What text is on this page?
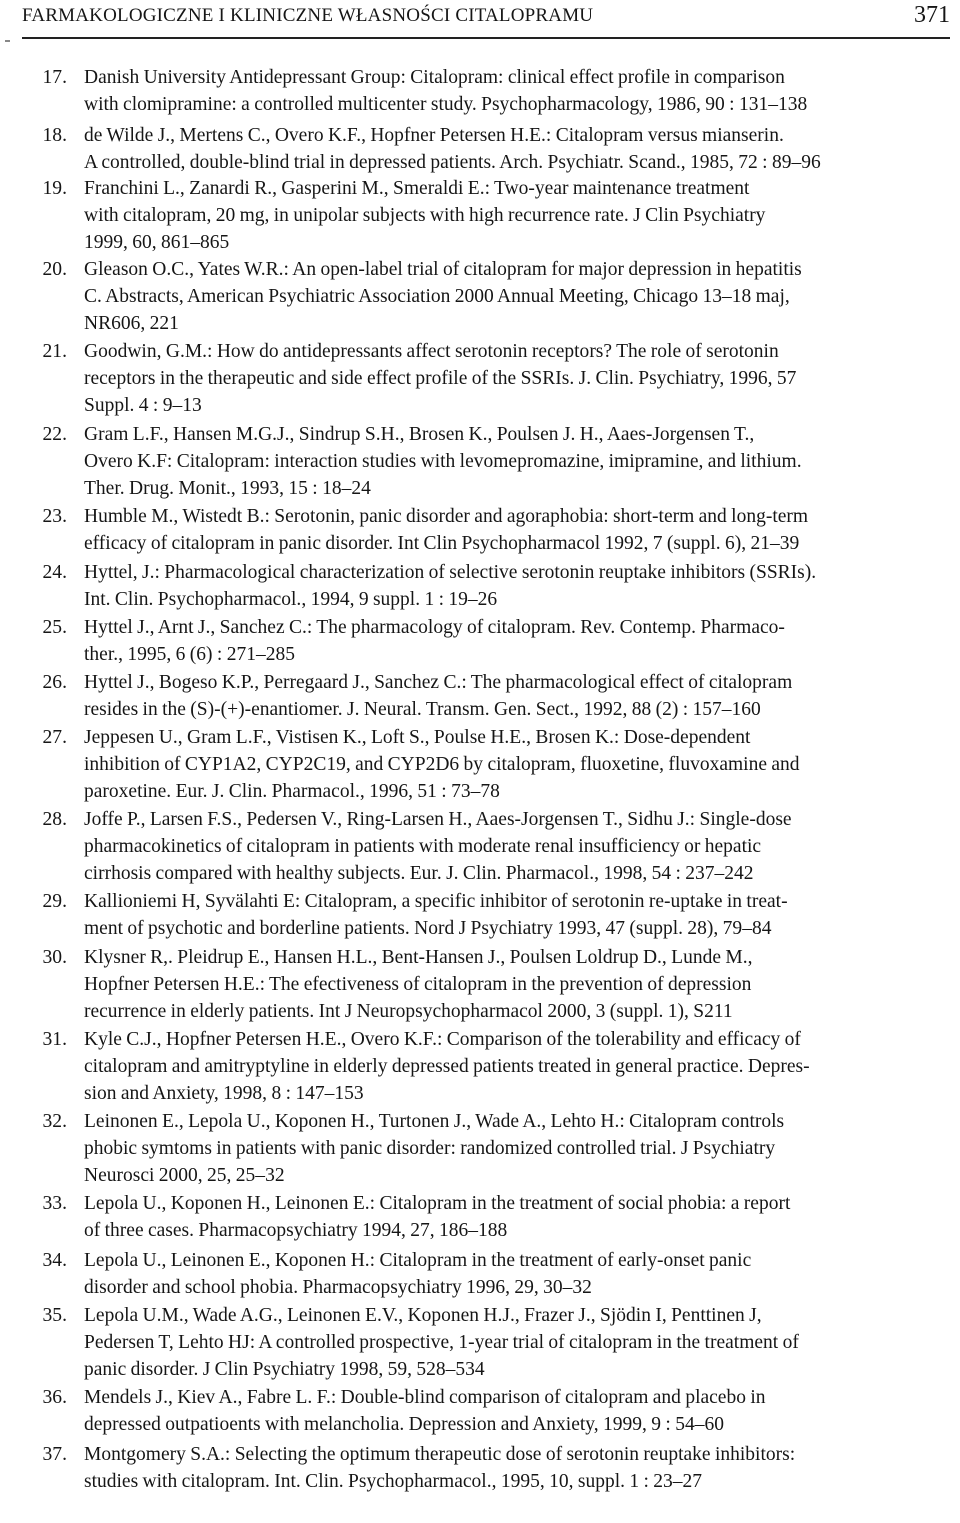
FARMAKOLOGICZNE I KLINICZNE WŁASNOŚCI CITALOPRAMU	371
17. Danish University Antidepressant Group: Citalopram: clinical effect profile in comparison
with clomipramine: a controlled multicenter study. Psychopharmacology, 1986, 90 : 131–138
18. de Wilde J., Mertens C., Overo K.F., Hopfner Petersen H.E.: Citalopram versus mianserin.
A controlled, double-blind trial in depressed patients. Arch. Psychiatr. Scand., 1985, 72 : 89–96
19. Franchini L., Zanardi R., Gasperini M., Smeraldi E.: Two-year maintenance treatment
with citalopram, 20 mg, in unipolar subjects with high recurrence rate. J Clin Psychiatry
1999, 60, 861–865
20. Gleason O.C., Yates W.R.: An open-label trial of citalopram for major depression in hepatitis
C. Abstracts, American Psychiatric Association 2000 Annual Meeting, Chicago 13–18 maj,
NR606, 221
21. Goodwin, G.M.: How do antidepressants affect serotonin receptors? The role of serotonin
receptors in the therapeutic and side effect profile of the SSRIs. J. Clin. Psychiatry, 1996, 57
Suppl. 4 : 9–13
22. Gram L.F., Hansen M.G.J., Sindrup S.H., Brosen K., Poulsen J. H., Aaes-Jorgensen T.,
Overo K.F: Citalopram: interaction studies with levomepromazine, imipramine, and lithium.
Ther. Drug. Monit., 1993, 15 : 18–24
23. Humble M., Wistedt B.: Serotonin, panic disorder and agoraphobia: short-term and long-term
efficacy of citalopram in panic disorder. Int Clin Psychopharmacol 1992, 7 (suppl. 6), 21–39
24. Hyttel, J.: Pharmacological characterization of selective serotonin reuptake inhibitors (SSRIs).
Int. Clin. Psychopharmacol., 1994, 9 suppl. 1 : 19–26
25. Hyttel J., Arnt J., Sanchez C.: The pharmacology of citalopram. Rev. Contemp. Pharmaco-
ther., 1995, 6 (6) : 271–285
26. Hyttel J., Bogeso K.P., Perregaard J., Sanchez C.: The pharmacological effect of citalopram
resides in the (S)-(+)-enantiomer. J. Neural. Transm. Gen. Sect., 1992, 88 (2) : 157–160
27. Jeppesen U., Gram L.F., Vistisen K., Loft S., Poulse H.E., Brosen K.: Dose-dependent
inhibition of CYP1A2, CYP2C19, and CYP2D6 by citalopram, fluoxetine, fluvoxamine and
paroxetine. Eur. J. Clin. Pharmacol., 1996, 51 : 73–78
28. Joffe P., Larsen F.S., Pedersen V., Ring-Larsen H., Aaes-Jorgensen T., Sidhu J.: Single-dose
pharmacokinetics of citalopram in patients with moderate renal insufficiency or hepatic
cirrhosis compared with healthy subjects. Eur. J. Clin. Pharmacol., 1998, 54 : 237–242
29. Kallioniemi H, Syvälahti E: Citalopram, a specific inhibitor of serotonin re-uptake in treat-
ment of psychotic and borderline patients. Nord J Psychiatry 1993, 47 (suppl. 28), 79–84
30. Klysner R,. Pleidrup E., Hansen H.L., Bent-Hansen J., Poulsen Loldrup D., Lunde M.,
Hopfner Petersen H.E.: The efectiveness of citalopram in the prevention of depression
recurrence in elderly patients. Int J Neuropsychopharmacol 2000, 3 (suppl. 1), S211
31. Kyle C.J., Hopfner Petersen H.E., Overo K.F.: Comparison of the tolerability and efficacy of
citalopram and amitryptyline in elderly depressed patients treated in general practice. Depres-
sion and Anxiety, 1998, 8 : 147–153
32. Leinonen E., Lepola U., Koponen H., Turtonen J., Wade A., Lehto H.: Citalopram controls
phobic symtoms in patients with panic disorder: randomized controlled trial. J Psychiatry
Neurosci 2000, 25, 25–32
33. Lepola U., Koponen H., Leinonen E.: Citalopram in the treatment of social phobia: a report
of three cases. Pharmacopsychiatry 1994, 27, 186–188
34. Lepola U., Leinonen E., Koponen H.: Citalopram in the treatment of early-onset panic
disorder and school phobia. Pharmacopsychiatry 1996, 29, 30–32
35. Lepola U.M., Wade A.G., Leinonen E.V., Koponen H.J., Frazer J., Sjödin I, Penttinen J,
Pedersen T, Lehto HJ: A controlled prospective, 1-year trial of citalopram in the treatment of
panic disorder. J Clin Psychiatry 1998, 59, 528–534
36. Mendels J., Kiev A., Fabre L. F.: Double-blind comparison of citalopram and placebo in
depressed outpatioents with melancholia. Depression and Anxiety, 1999, 9 : 54–60
37. Montgomery S.A.: Selecting the optimum therapeutic dose of serotonin reuptake inhibitors:
studies with citalopram. Int. Clin. Psychopharmacol., 1995, 10, suppl. 1 : 23–27
